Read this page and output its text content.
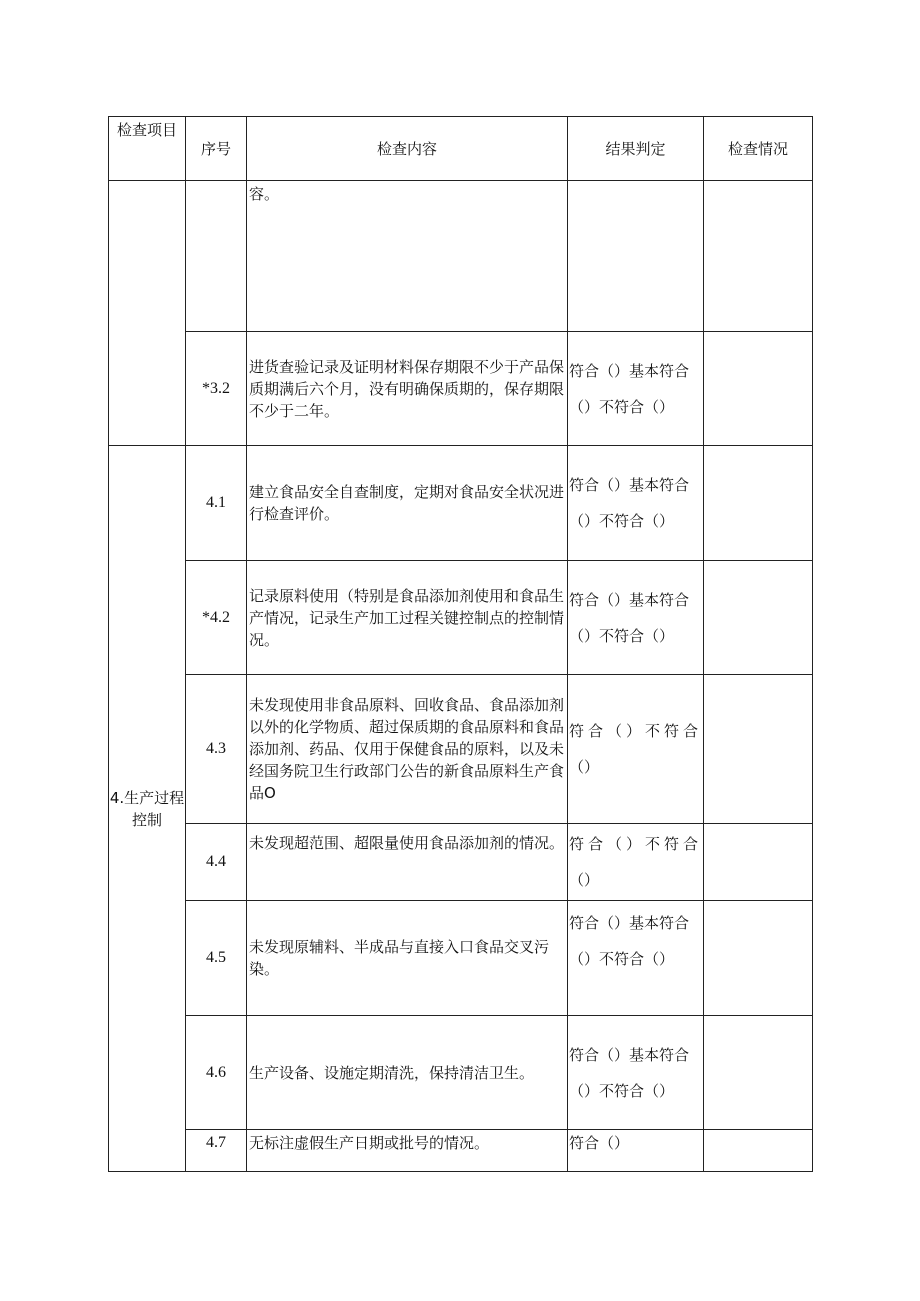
检查项目	序号	检查内容	结果判定	检查情况
		容。		
	*3.2	进货查验记录及证明材料保存期限不少于产品保质期满后六个月，没有明确保质期的，保存期限不少于二年。	符合（）基本符合
（）不符合（）	

4.生产过程控制	4.1	建立食品安全自查制度，定期对食品安全状况进行检查评价。	符合（）基本符合
（）不符合（）	

	*4.2	记录原料使用（特别是食品添加剂使用和食品生产情况，记录生产加工过程关键控制点的控制情况。	符合（）基本符合
（）不符合（）	

	4.3	未发现使用非食品原料、回收食品、食品添加剂以外的化学物质、超过保质期的食品原料和食品添加剂、药品、仅用于保健食品的原料，以及未经国务院卫生行政部门公告的新食品原料生产食品O	符合（）不符合
（）	

	4.4	未发现超范围、超限量使用食品添加剂的情况。	符合（）不符合
（）	

	4.5	未发现原辅料、半成品与直接入口食品交叉污染。	符合（）基本符合
（）不符合（）	

	4.6	生产设备、设施定期清洗，保持清洁卫生。	符合（）基本符合
（）不符合（）	

	4.7	无标注虚假生产日期或批号的情况。	符合（）	
